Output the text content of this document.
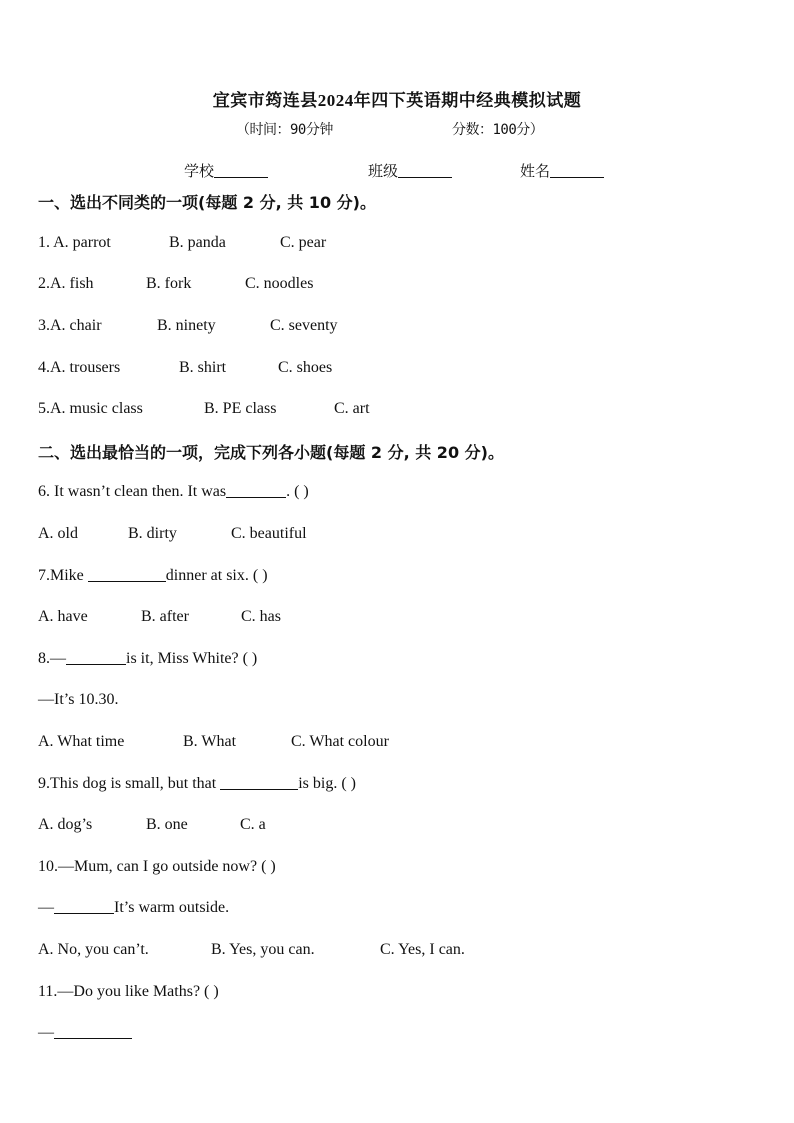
宜宾市筠连县2024年四下英语期中经典模拟试题
（时间：90分钟	分数：100分）
学校	班级	姓名
一、选出不同类的一项(每题 2 分, 共 10 分)。
1. A. parrot	B. panda	C. pear
2.A. fish	B. fork	C. noodles
3.A. chair	B. ninety	C. seventy
4.A. trousers	B. shirt	C. shoes
5.A. music class	B. PE class	C. art
二、选出最恰当的一项，完成下列各小题(每题 2 分, 共 20 分)。
6. It wasn’t clean then. It was	. ( )
A. old	B. dirty	C. beautiful
7.Mike	dinner at six. ( )
A. have	B. after	C. has
8.—	is it, Miss White? ( )
—It’s 10.30.
A. What time	B. What	C. What colour
9.This dog is small, but that	is big. ( )
A. dog’s	B. one	C. a
10.—Mum, can I go outside now? ( )
—	It’s warm outside.
A. No, you can’t.	B. Yes, you can.	C. Yes, I can.
11.—Do you like Maths? ( )
—
